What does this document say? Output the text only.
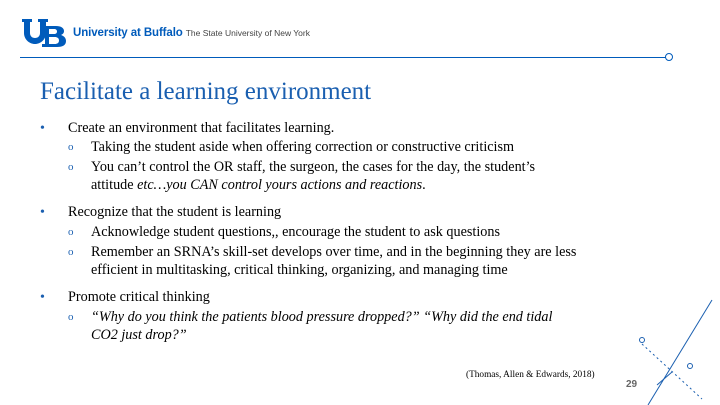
University at Buffalo The State University of New York
Facilitate a learning environment
• Create an environment that facilitates learning.
o Taking the student aside when offering correction or constructive criticism
o You can’t control the OR staff, the surgeon, the cases for the day, the student’s
attitude etc…you CAN control yours actions and reactions.
• Recognize that the student is learning
o Acknowledge student questions,, encourage the student to ask questions
o Remember an SRNA’s skill-set develops over time, and in the beginning they are less
efficient in multitasking, critical thinking, organizing, and managing time
• Promote critical thinking
o “Why do you think the patients blood pressure dropped?” “Why did the end tidal
CO2 just drop?”
(Thomas, Allen & Edwards, 2018)
29
